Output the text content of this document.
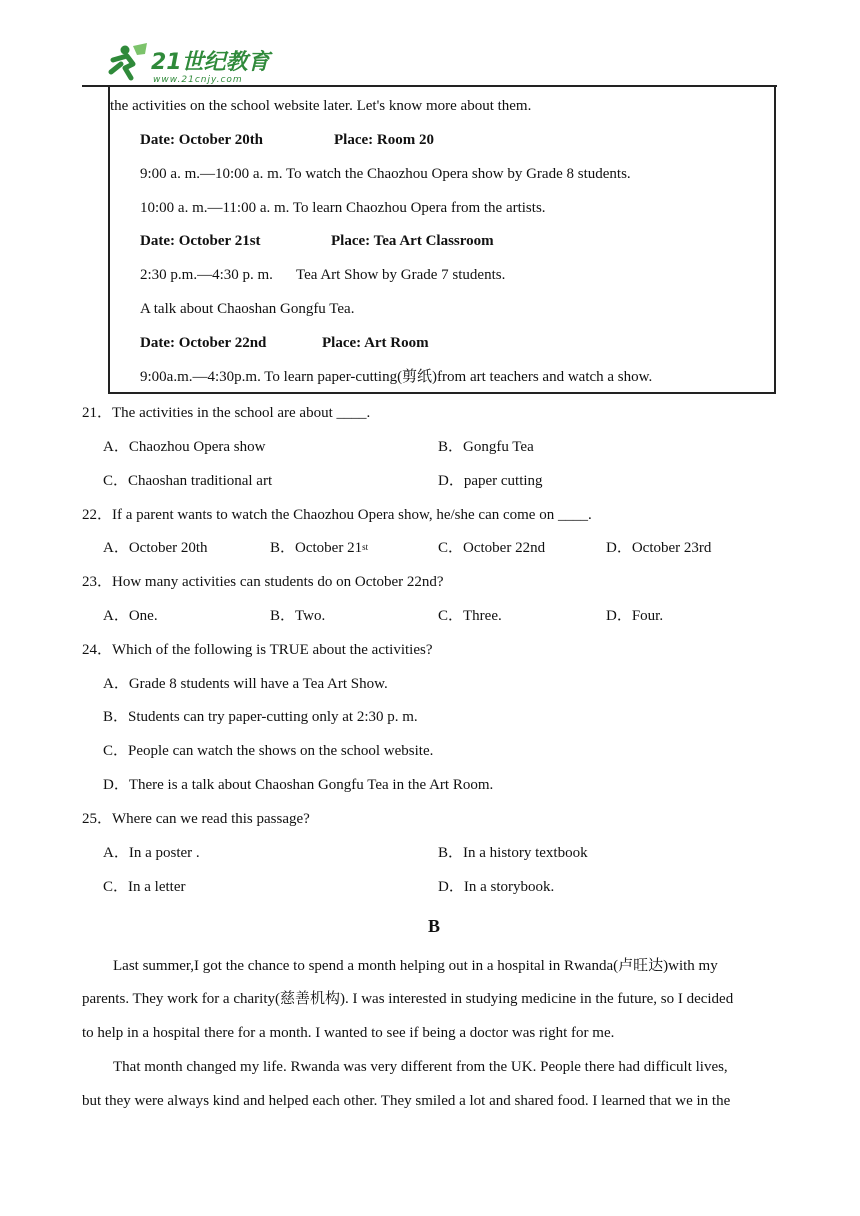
21世纪教育
www.21cnjy.com
the activities on the school website later. Let's know more about them.
Date: October 20th	Place: Room 20
9:00 a. m.—10:00 a. m. To watch the Chaozhou Opera show by Grade 8 students.
10:00 a. m.—11:00 a. m. To learn Chaozhou Opera from the artists.
Date: October 21st	Place: Tea Art Classroom
2:30 p.m.—4:30 p. m. Tea Art Show by Grade 7 students.
A talk about Chaoshan Gongfu Tea.
Date: October 22nd	Place: Art Room
9:00a.m.—4:30p.m. To learn paper-cutting(剪纸)from art teachers and watch a show.
21．The activities in the school are about ____.
A．Chaozhou Opera show	B．Gongfu Tea
C．Chaoshan traditional art	D．paper cutting
22．If a parent wants to watch the Chaozhou Opera show, he/she can come on ____.
A．October 20th	B．October 21st	C．October 22nd	D．October 23rd
23．How many activities can students do on October 22nd?
A．One.	B．Two.	C．Three.	D．Four.
24．Which of the following is TRUE about the activities?
A．Grade 8 students will have a Tea Art Show.
B．Students can try paper-cutting only at 2:30 p. m.
C．People can watch the shows on the school website.
D．There is a talk about Chaoshan Gongfu Tea in the Art Room.
25．Where can we read this passage?
A．In a poster .	B．In a history textbook
C．In a letter	D．In a storybook.
B
Last summer,I got the chance to spend a month helping out in a hospital in Rwanda(卢旺达)with my
parents. They work for a charity(慈善机构). I was interested in studying medicine in the future, so I decided
to help in a hospital there for a month. I wanted to see if being a doctor was right for me.
That month changed my life. Rwanda was very different from the UK. People there had difficult lives,
but they were always kind and helped each other. They smiled a lot and shared food. I learned that we in the
